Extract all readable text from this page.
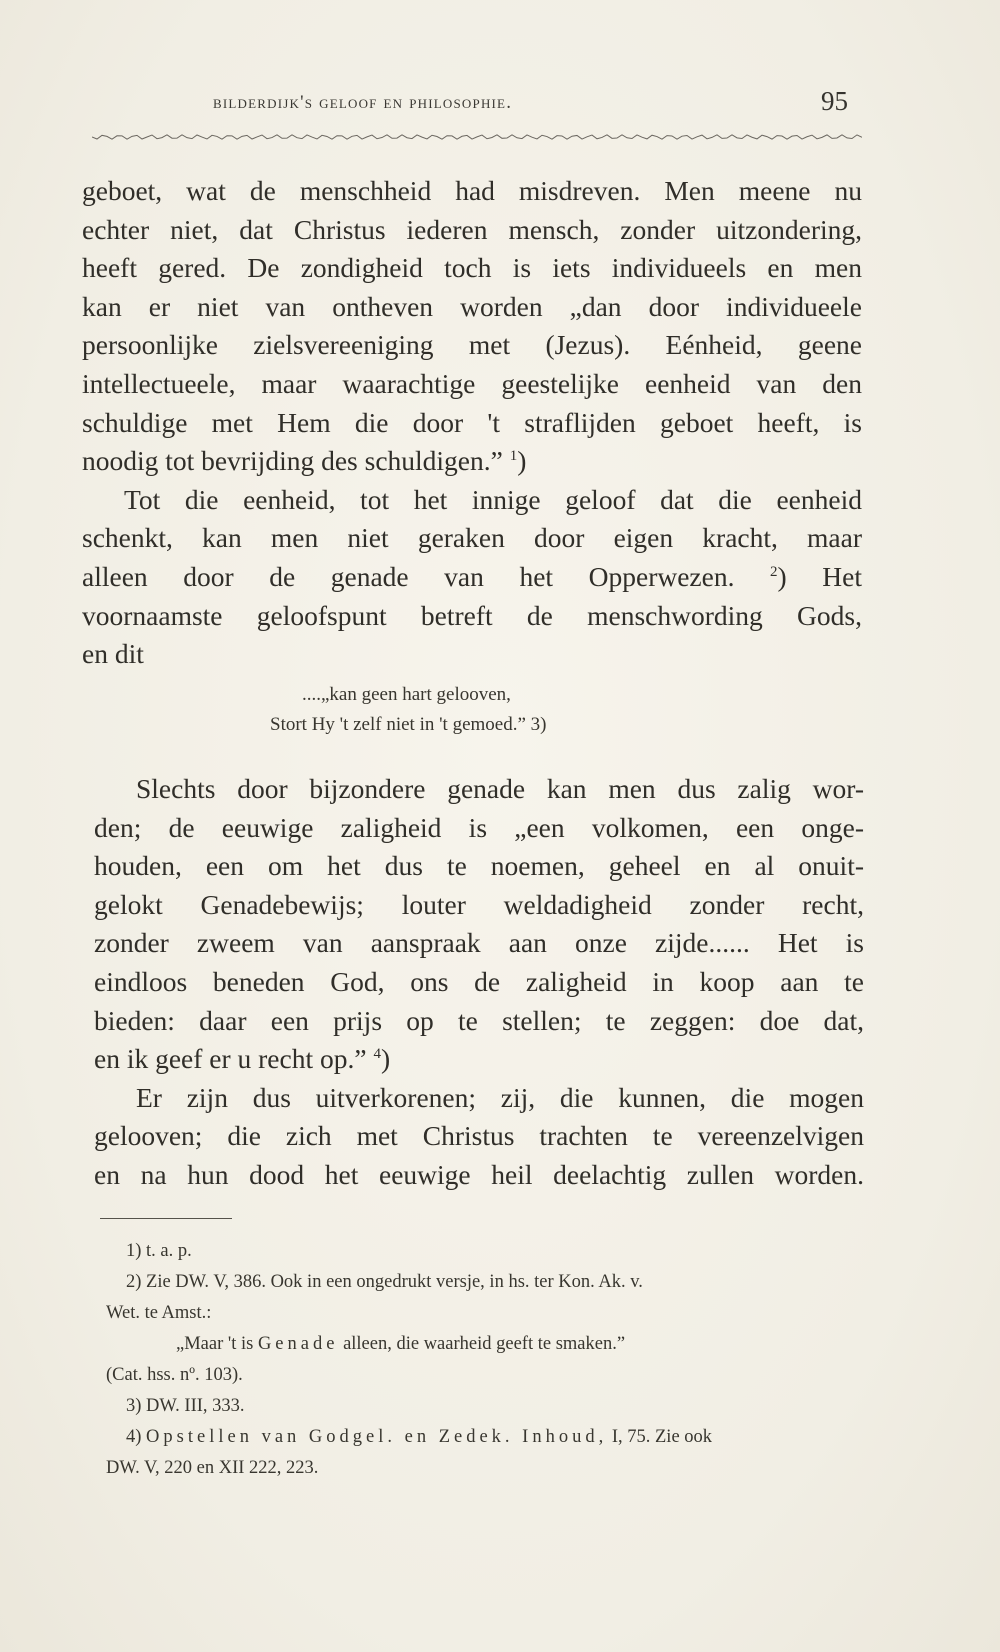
bilderdijk's geloof en philosophie.	95
geboet, wat de menschheid had misdreven. Men meene nu
echter niet, dat Christus iederen mensch, zonder uitzondering,
heeft gered. De zondigheid toch is iets individueels en men
kan er niet van ontheven worden „dan door individueele
persoonlijke zielsvereeniging met (Jezus). Eénheid, geene
intellectueele, maar waarachtige geestelijke eenheid van den
schuldige met Hem die door 't straflijden geboet heeft, is
noodig tot bevrijding des schuldigen.” $^1$)
Tot die eenheid, tot het innige geloof dat die eenheid
schenkt, kan men niet geraken door eigen kracht, maar
alleen door de genade van het Opperwezen. $^2$) Het
voornaamste geloofspunt betreft de menschwording Gods,
en dit
....„kan geen hart gelooven,
Stort Hy 't zelf niet in 't gemoed.” 3)
Slechts door bijzondere genade kan men dus zalig wor-
den; de eeuwige zaligheid is „een volkomen, een onge-
houden, een om het dus te noemen, geheel en al onuit-
gelokt Genadebewijs; louter weldadigheid zonder recht,
zonder zweem van aanspraak aan onze zijde...... Het is
eindloos beneden God, ons de zaligheid in koop aan te
bieden: daar een prijs op te stellen; te zeggen: doe dat,
en ik geef er u recht op.” $^4$)
Er zijn dus uitverkorenen; zij, die kunnen, die mogen
gelooven; die zich met Christus trachten te vereenzelvigen
en na hun dood het eeuwige heil deelachtig zullen worden.
1) t. a. p.
2) Zie DW. V, 386. Ook in een ongedrukt versje, in hs. ter Kon. Ak. v.
Wet. te Amst.:
„Maar 't is Genade alleen, die waarheid geeft te smaken.”
(Cat. hss. nº. 103).
3) DW. III, 333.
4) Opstellen van Godgel. en Zedek. Inhoud, I, 75. Zie ook
DW. V, 220 en XII 222, 223.
